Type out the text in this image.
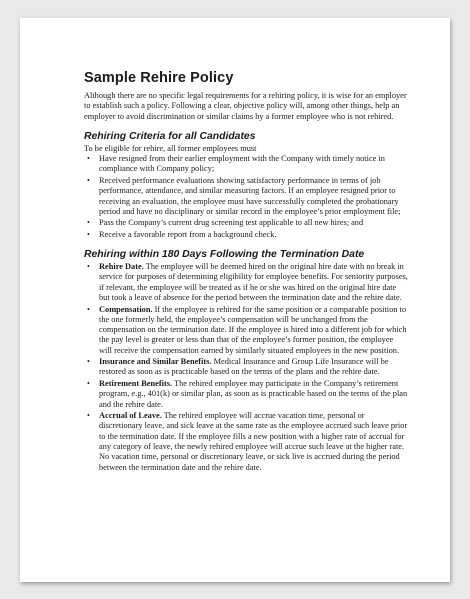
Sample Rehire Policy

Although there are no specific legal requirements for a rehiring policy, it is wise for an employer to establish such a policy. Following a clear, objective policy will, among other things, help an employer to avoid discrimination or similar claims by a former employee who is not rehired.

Rehiring Criteria for all Candidates

To be eligible for rehire, all former employees must

• Have resigned from their earlier employment with the Company with timely notice in compliance with Company policy;
• Received performance evaluations showing satisfactory performance in terms of job performance, attendance, and similar measuring factors. If an employee resigned prior to receiving an evaluation, the employee must have successfully completed the probationary period and have no disciplinary or similar record in the employee’s prior employment file;
• Pass the Company’s current drug screening test applicable to all new hires; and
• Receive a favorable report from a background check.
Rehiring within 180 Days Following the Termination Date
• Rehire Date. The employee will be deemed hired on the original hire date with no break in service for purposes of determining eligibility for employee benefits. For seniority purposes, if relevant, the employee will be treated as if he or she was hired on the original hire date but took a leave of absence for the period between the termination date and the rehire date.
• Compensation. If the employee is rehired for the same position or a comparable position to the one formerly held, the employee’s compensation will be unchanged from the compensation on the termination date. If the employee is hired into a different job for which the pay level is greater or less than that of the employee’s former position, the employee will receive the compensation earned by similarly situated employees in the new position.
• Insurance and Similar Benefits. Medical Insurance and Group Life Insurance will be restored as soon as is practicable based on the terms of the plans and the rehire date.
• Retirement Benefits. The rehired employee may participate in the Company’s retirement program, e.g., 401(k) or similar plan, as soon as is practicable based on the terms of the plan and the rehire date.
• Accrual of Leave. The rehired employee will accrue vacation time, personal or discretionary leave, and sick leave at the same rate as the employee accrued such leave prior to the termination date. If the employee fills a new position with a higher rate of accrual for any category of leave, the newly rehired employee will accrue such leave at the higher rate. No vacation time, personal or discretionary leave, or sick live is accrued during the period between the termination date and the rehire date.
